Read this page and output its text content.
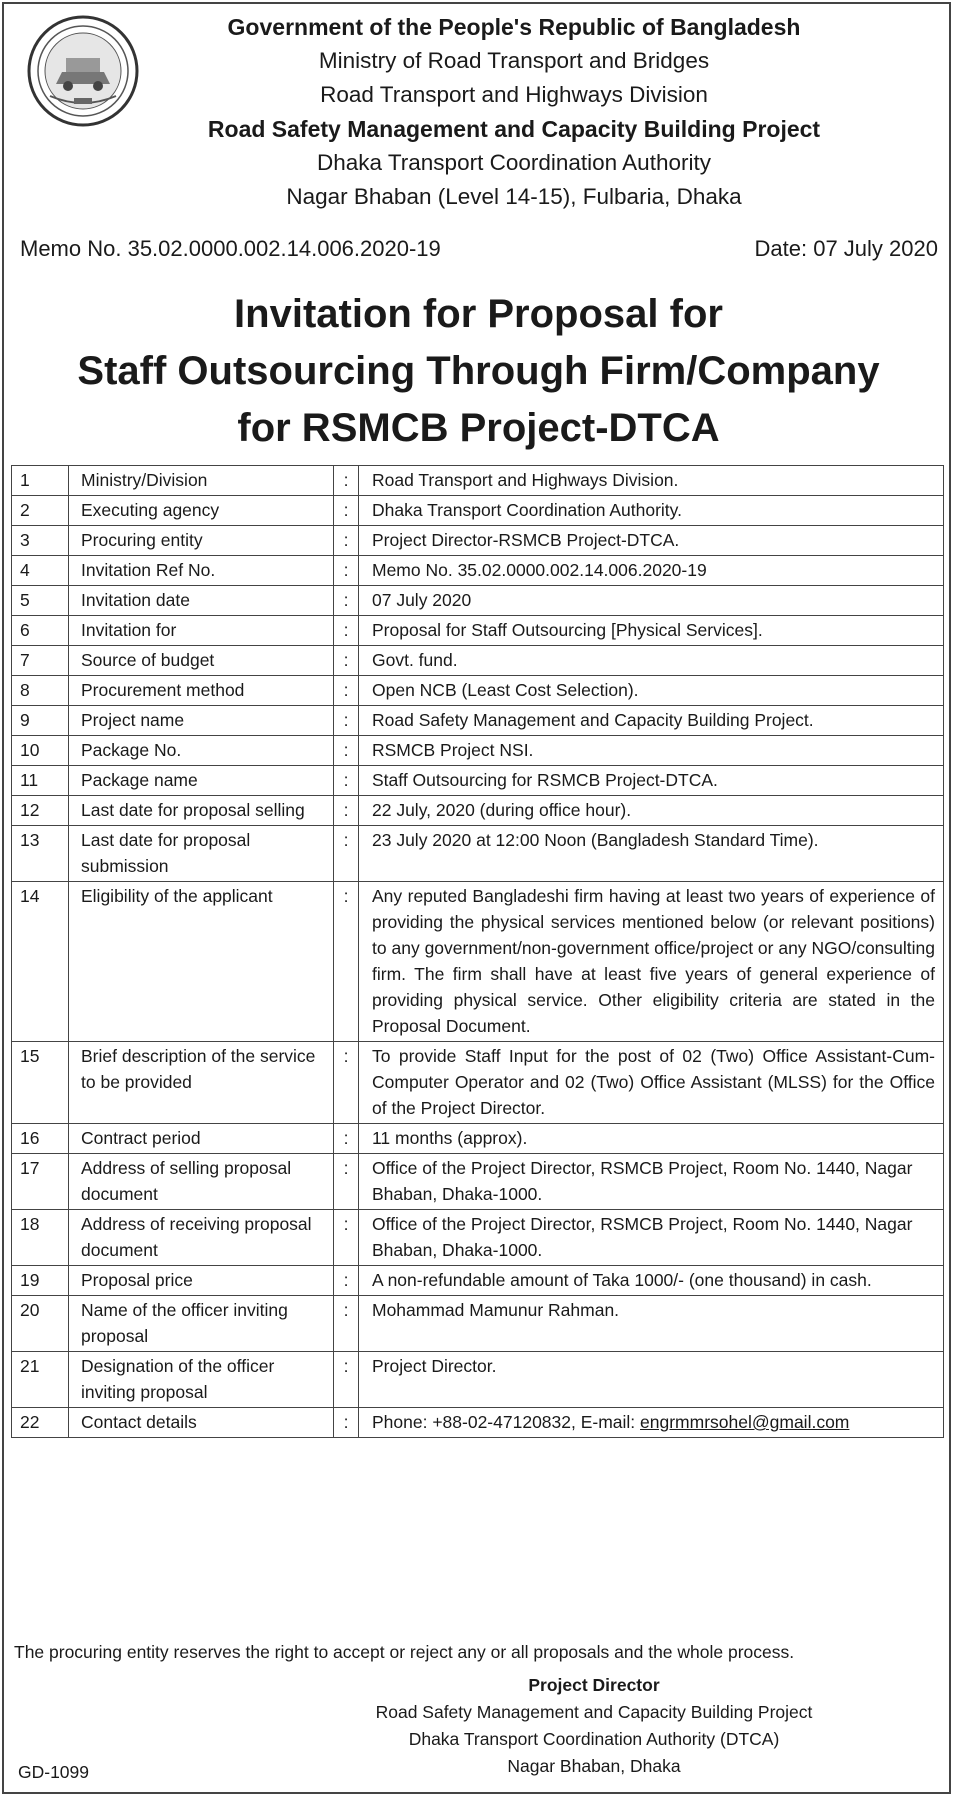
Government of the People's Republic of Bangladesh
Ministry of Road Transport and Bridges
Road Transport and Highways Division
Road Safety Management and Capacity Building Project
Dhaka Transport Coordination Authority
Nagar Bhaban (Level 14-15), Fulbaria, Dhaka
Memo No. 35.02.0000.002.14.006.2020-19	Date: 07 July 2020
Invitation for Proposal for
Staff Outsourcing Through Firm/Company
for RSMCB Project-DTCA
1	Ministry/Division	:	Road Transport and Highways Division.
2	Executing agency	:	Dhaka Transport Coordination Authority.
3	Procuring entity	:	Project Director-RSMCB Project-DTCA.
4	Invitation Ref No.	:	Memo No. 35.02.0000.002.14.006.2020-19
5	Invitation date	:	07 July 2020
6	Invitation for	:	Proposal for Staff Outsourcing [Physical Services].
7	Source of budget	:	Govt. fund.
8	Procurement method	:	Open NCB (Least Cost Selection).
9	Project name	:	Road Safety Management and Capacity Building Project.
10	Package No.	:	RSMCB Project NSI.
11	Package name	:	Staff Outsourcing for RSMCB Project-DTCA.
12	Last date for proposal selling	:	22 July, 2020 (during office hour).
13	Last date for proposal submission	:	23 July 2020 at 12:00 Noon (Bangladesh Standard Time).
14	Eligibility of the applicant	:	Any reputed Bangladeshi firm having at least two years of experience of providing the physical services mentioned below (or relevant positions) to any government/non-government office/project or any NGO/consulting firm. The firm shall have at least five years of general experience of providing physical service. Other eligibility criteria are stated in the Proposal Document.
15	Brief description of the service to be provided	:	To provide Staff Input for the post of 02 (Two) Office Assistant-Cum-Computer Operator and 02 (Two) Office Assistant (MLSS) for the Office of the Project Director.
16	Contract period	:	11 months (approx).
17	Address of selling proposal document	:	Office of the Project Director, RSMCB Project, Room No. 1440, Nagar Bhaban, Dhaka-1000.
18	Address of receiving proposal document	:	Office of the Project Director, RSMCB Project, Room No. 1440, Nagar Bhaban, Dhaka-1000.
19	Proposal price	:	A non-refundable amount of Taka 1000/- (one thousand) in cash.
20	Name of the officer inviting proposal	:	Mohammad Mamunur Rahman.
21	Designation of the officer inviting proposal	:	Project Director.
22	Contact details	:	Phone: +88-02-47120832, E-mail: engrmmrsohel@gmail.com
The procuring entity reserves the right to accept or reject any or all proposals and the whole process.
Project Director
Road Safety Management and Capacity Building Project
Dhaka Transport Coordination Authority (DTCA)
Nagar Bhaban, Dhaka
GD-1099
